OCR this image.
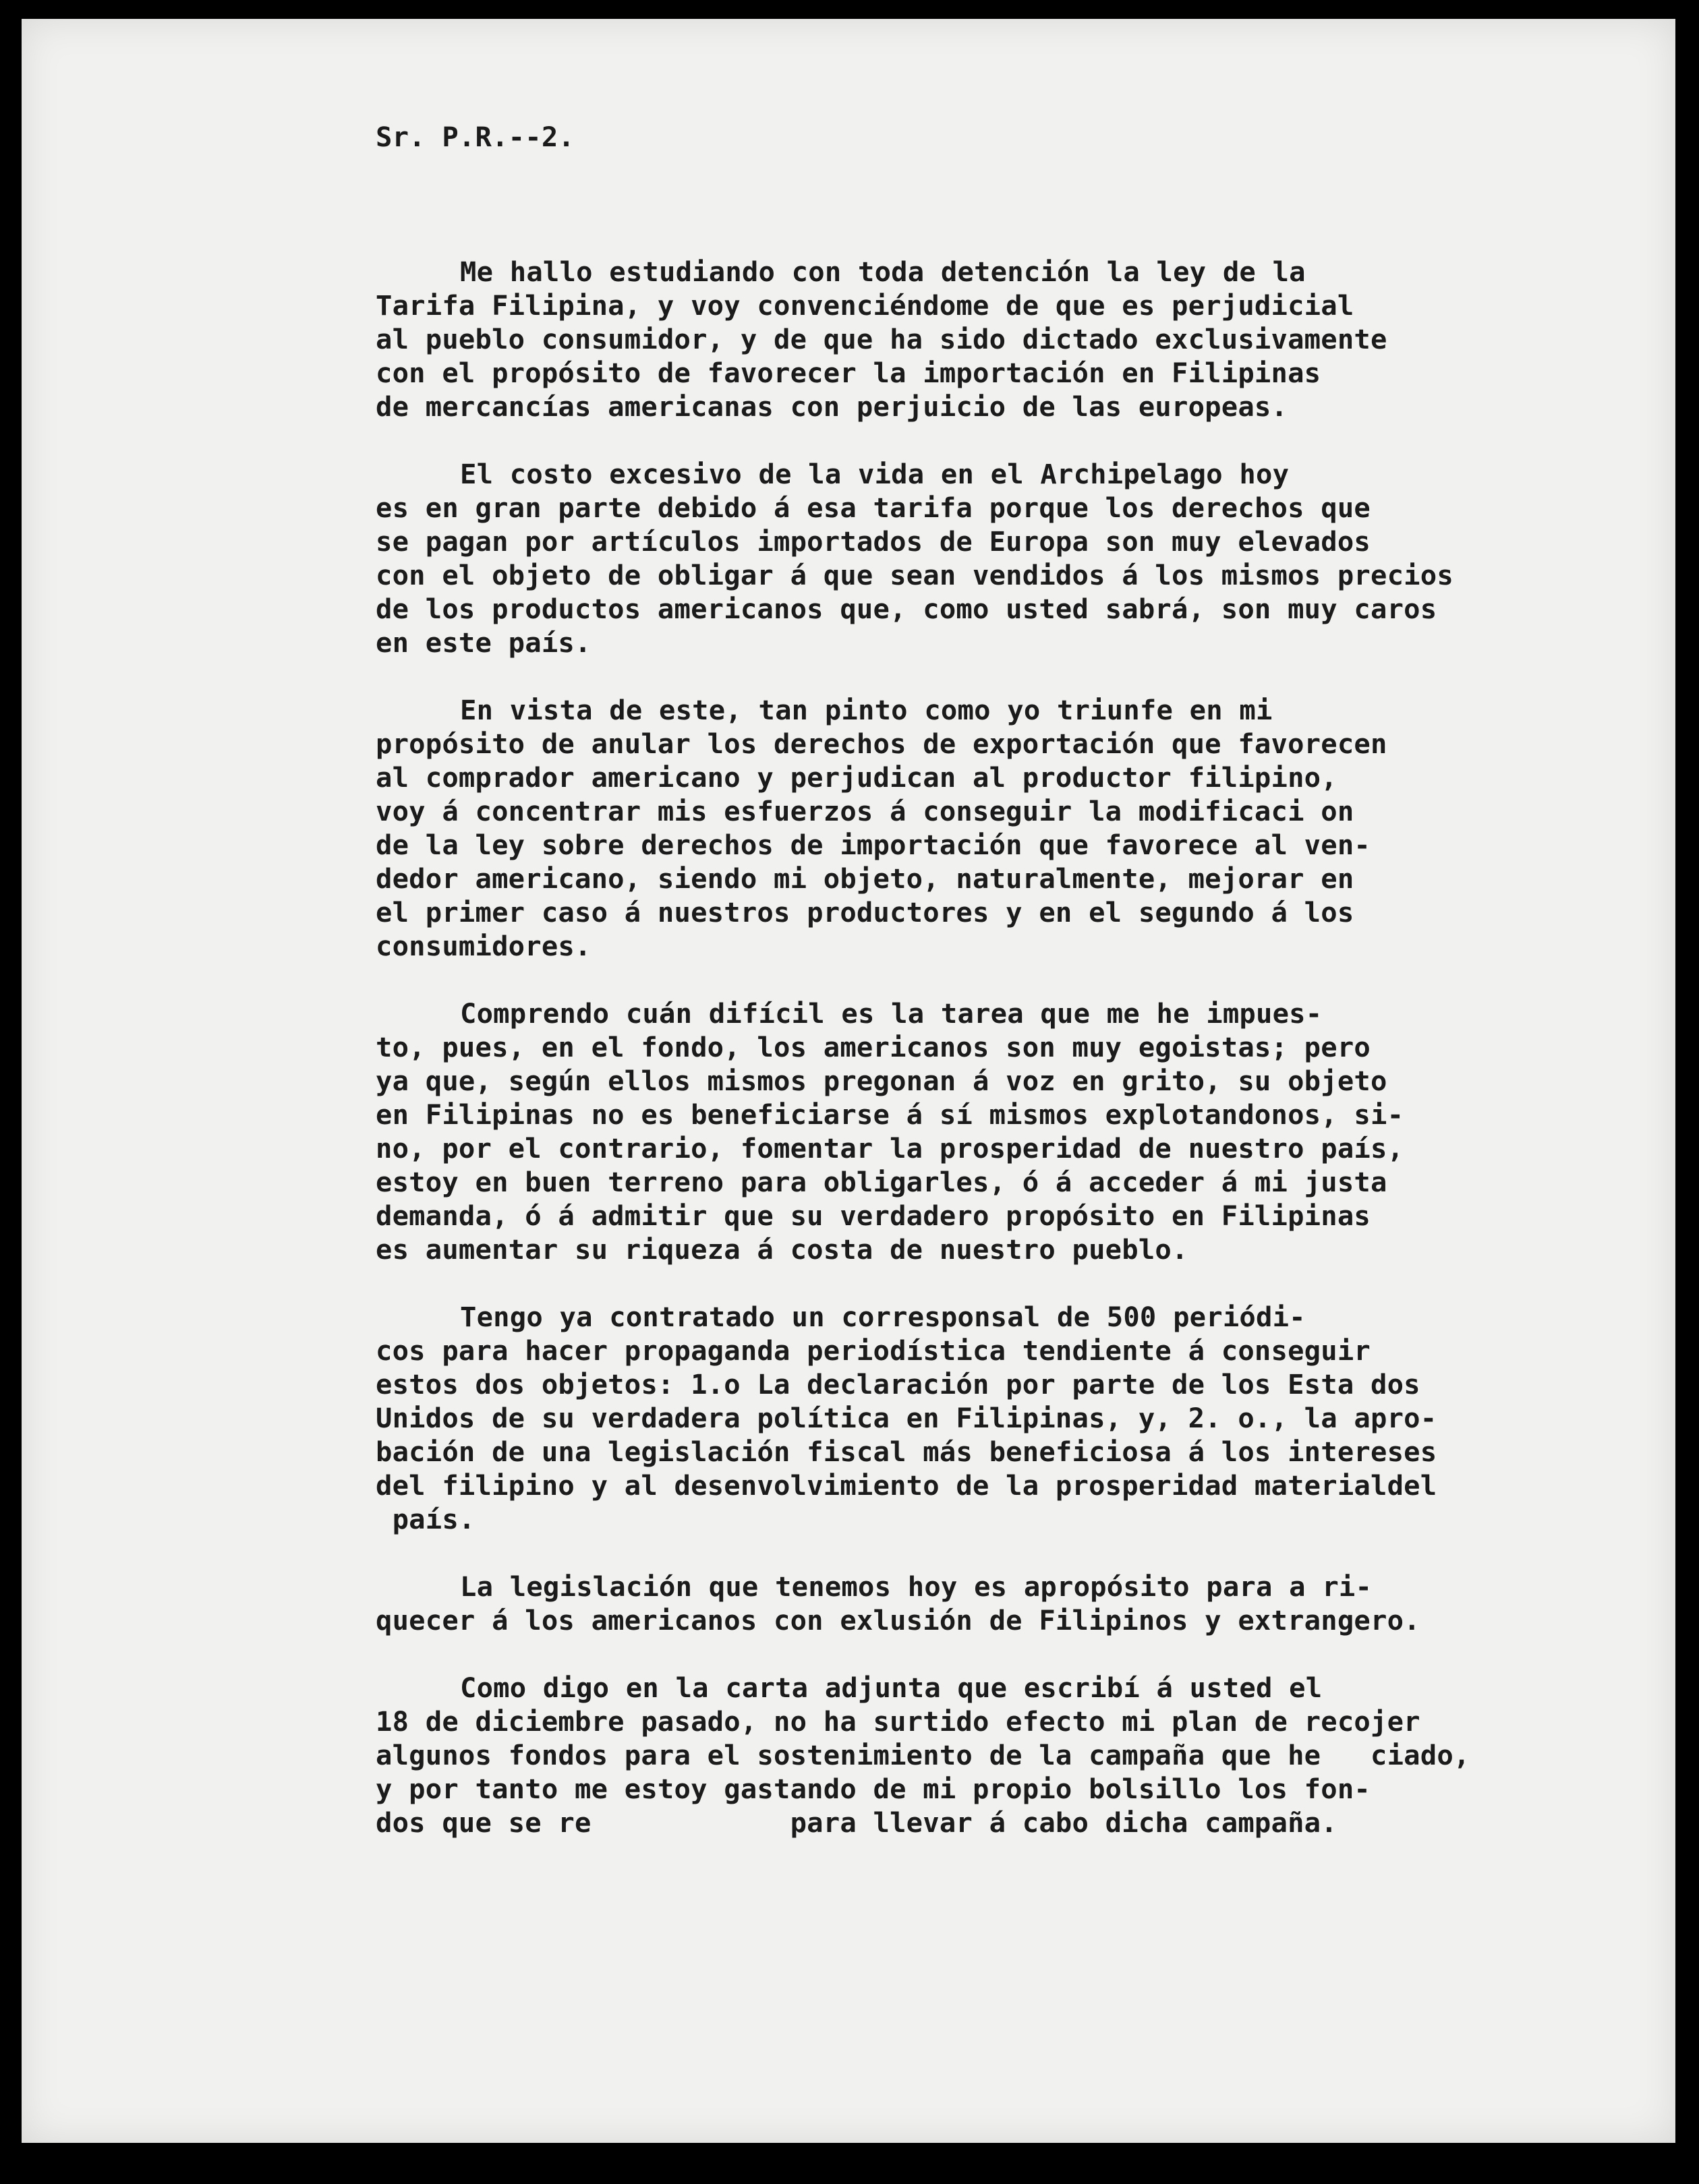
Sr. P.R.--2.
Me hallo estudiando con toda detención la ley de la
Tarifa Filipina, y voy convenciéndome de que es perjudicial
al pueblo consumidor, y de que ha sido dictado exclusivamente
con el propósito de favorecer la importación en Filipinas
de mercancías americanas con perjuicio de las europeas.
El costo excesivo de la vida en el Archipelago hoy
es en gran parte debido á esa tarifa porque los derechos que
se pagan por artículos importados de Europa son muy elevados
con el objeto de obligar á que sean vendidos á los mismos precios
de los productos americanos que, como usted sabrá, son muy caros
en este país.
En vista de este, tan pinto como yo triunfe en mi
propósito de anular los derechos de exportación que favorecen
al comprador americano y perjudican al productor filipino,
voy á concentrar mis esfuerzos á conseguir la modificaci on
de la ley sobre derechos de importación que favorece al ven-
dedor americano, siendo mi objeto, naturalmente, mejorar en
el primer caso á nuestros productores y en el segundo á los
consumidores.
Comprendo cuán difícil es la tarea que me he impues-
to, pues, en el fondo, los americanos son muy egoistas; pero
ya que, según ellos mismos pregonan á voz en grito, su objeto
en Filipinas no es beneficiarse á sí mismos explotandonos, si-
no, por el contrario, fomentar la prosperidad de nuestro país,
estoy en buen terreno para obligarles, ó á acceder á mi justa
demanda, ó á admitir que su verdadero propósito en Filipinas
es aumentar su riqueza á costa de nuestro pueblo.
Tengo ya contratado un corresponsal de 500 periódi-
cos para hacer propaganda periodística tendiente á conseguir
estos dos objetos: 1.o La declaración por parte de los Esta dos
Unidos de su verdadera política en Filipinas, y, 2. o., la apro-
bación de una legislación fiscal más beneficiosa á los intereses
del filipino y al desenvolvimiento de la prosperidad materialdel
país.
La legislación que tenemos hoy es apropósito para a ri-
quecer á los americanos con exlusión de Filipinos y extrangero.
Como digo en la carta adjunta que escribí á usted el
18 de diciembre pasado, no ha surtido efecto mi plan de recojer
algunos fondos para el sostenimiento de la campaña que he   ciado,
y por tanto me estoy gastando de mi propio bolsillo los fon-
dos que se re            para llevar á cabo dicha campaña.
